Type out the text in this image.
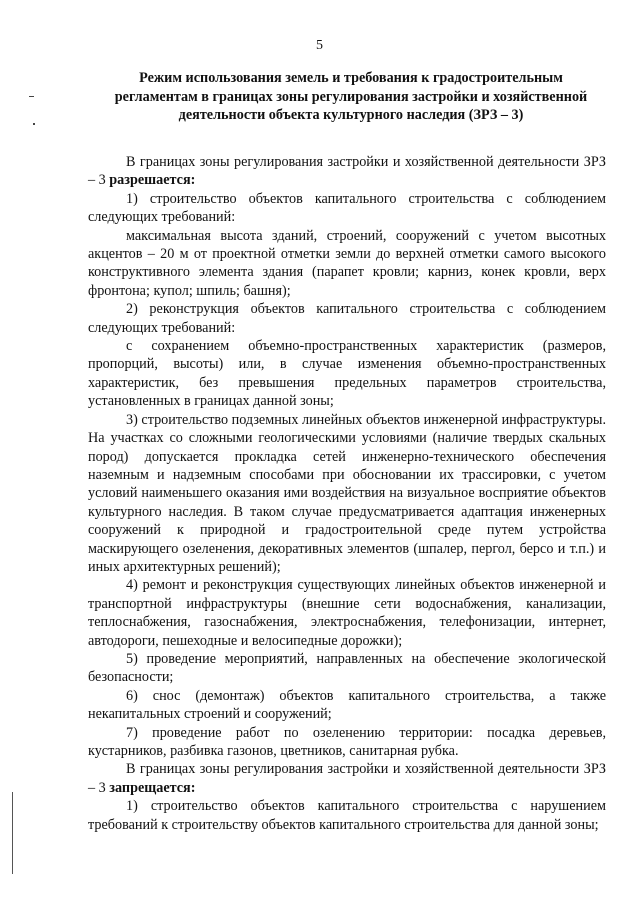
5
Режим использования земель и требования к градостроительным
регламентам в границах зоны регулирования застройки и хозяйственной
деятельности объекта культурного наследия (ЗРЗ – 3)

В границах зоны регулирования застройки и хозяйственной деятельности ЗРЗ – 3 разрешается:

1) строительство объектов капитального строительства с соблюдением следующих требований:

максимальная высота зданий, строений, сооружений с учетом высотных акцентов – 20 м от проектной отметки земли до верхней отметки самого высокого конструктивного элемента здания (парапет кровли; карниз, конек кровли, верх фронтона; купол; шпиль; башня);

2) реконструкция объектов капитального строительства с соблюдением следующих требований:

с сохранением объемно-пространственных характеристик (размеров, пропорций, высоты) или, в случае изменения объемно-пространственных характеристик, без превышения предельных параметров строительства, установленных в границах данной зоны;

3) строительство подземных линейных объектов инженерной инфраструктуры. На участках со сложными геологическими условиями (наличие твердых скальных пород) допускается прокладка сетей инженерно-технического обеспечения наземным и надземным способами при обосновании их трассировки, с учетом условий наименьшего оказания ими воздействия на визуальное восприятие объектов культурного наследия. В таком случае предусматривается адаптация инженерных сооружений к природной и градостроительной среде путем устройства маскирующего озеленения, декоративных элементов (шпалер, пергол, берсо и т.п.) и иных архитектурных решений);

4) ремонт и реконструкция существующих линейных объектов инженерной и транспортной инфраструктуры (внешние сети водоснабжения, канализации, теплоснабжения, газоснабжения, электроснабжения, телефонизации, интернет, автодороги, пешеходные и велосипедные дорожки);

5) проведение мероприятий, направленных на обеспечение экологической безопасности;

6) снос (демонтаж) объектов капитального строительства, а также некапитальных строений и сооружений;

7) проведение работ по озеленению территории: посадка деревьев, кустарников, разбивка газонов, цветников, санитарная рубка.

В границах зоны регулирования застройки и хозяйственной деятельности ЗРЗ – 3 запрещается:

1) строительство объектов капитального строительства с нарушением требований к строительству объектов капитального строительства для данной зоны;
